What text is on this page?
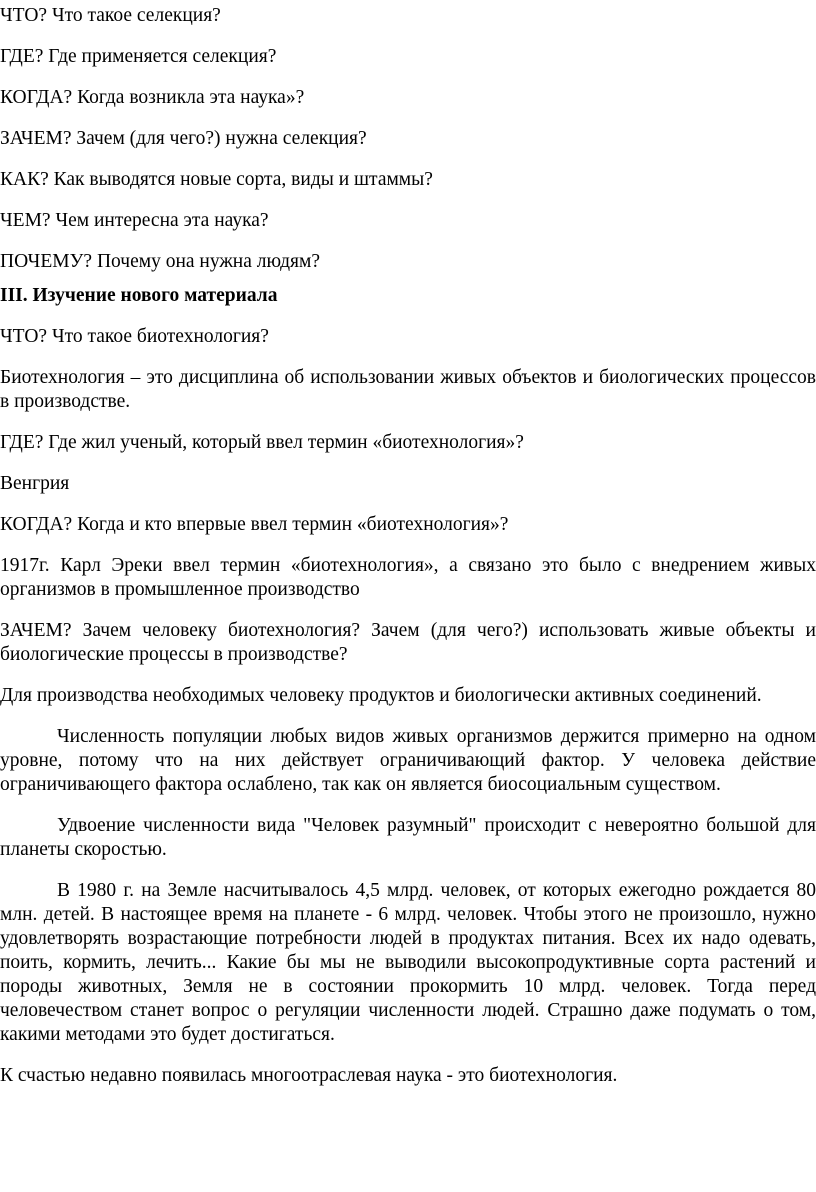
ЧТО? Что такое селекция?

ГДЕ? Где применяется селекция?

КОГДА? Когда возникла эта наука»?

ЗАЧЕМ? Зачем (для чего?) нужна селекция?

КАК? Как выводятся новые сорта, виды и штаммы?

ЧЕМ? Чем интересна эта наука?

ПОЧЕМУ? Почему она нужна людям?

III. Изучение нового материала

ЧТО? Что такое биотехнология?

Биотехнология – это дисциплина об использовании живых объектов и биологических процессов в производстве.

ГДЕ? Где жил ученый, который ввел термин «биотехнология»?

Венгрия

КОГДА? Когда и кто впервые ввел термин «биотехнология»?

1917г. Карл Эреки ввел термин «биотехнология», а связано это было с внедрением живых организмов в промышленное производство

ЗАЧЕМ? Зачем человеку биотехнология? Зачем (для чего?) использовать живые объекты и биологические процессы в производстве?

Для производства необходимых человеку продуктов и биологически активных соединений.

Численность популяции любых видов живых организмов держится примерно на одном уровне, потому что на них действует ограничивающий фактор. У человека действие ограничивающего фактора ослаблено, так как он является биосоциальным существом.

Удвоение численности вида "Человек разумный" происходит с невероятно большой для планеты скоростью.

В 1980 г. на Земле насчитывалось 4,5 млрд. человек, от которых ежегодно рождается 80 млн. детей. В настоящее время на планете - 6 млрд. человек. Чтобы этого не произошло, нужно удовлетворять возрастающие потребности людей в продуктах питания. Всех их надо одевать, поить, кормить, лечить... Какие бы мы не выводили высокопродуктивные сорта растений и породы животных, Земля не в состоянии прокормить 10 млрд. человек. Тогда перед человечеством станет вопрос о регуляции численности людей. Страшно даже подумать о том, какими методами это будет достигаться.

К счастью недавно появилась многоотраслевая наука - это биотехнология.
